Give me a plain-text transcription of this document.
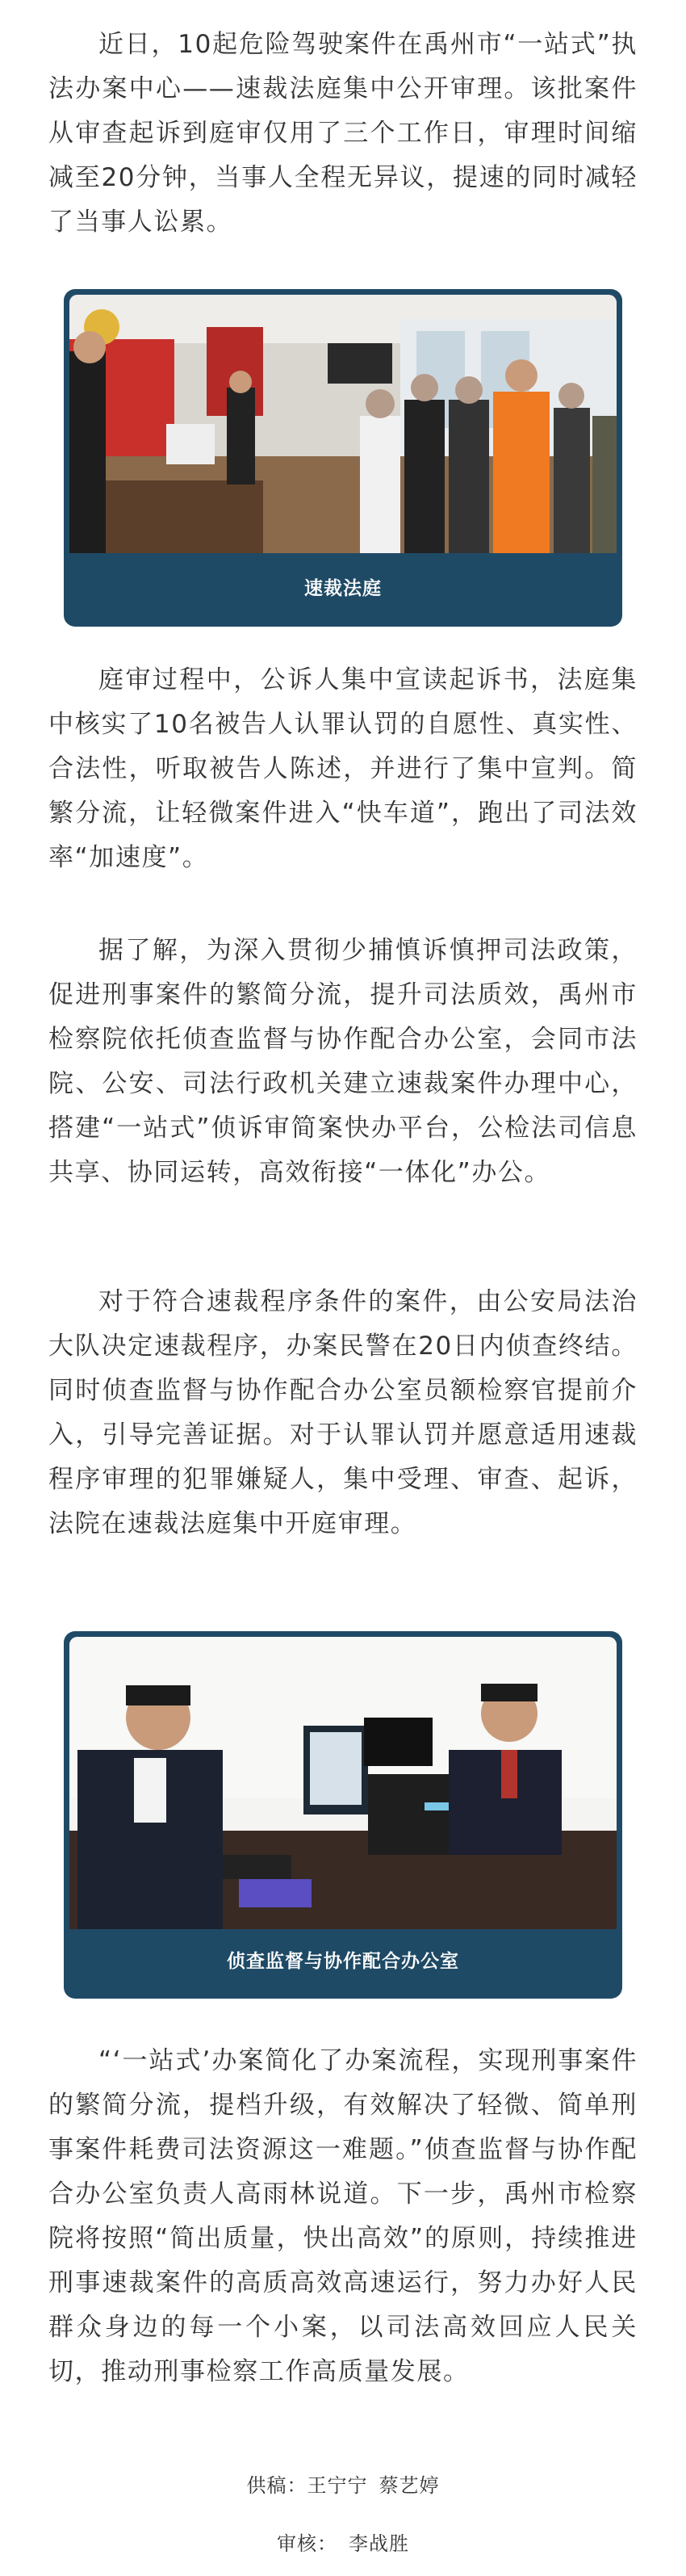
近日，10起危险驾驶案件在禹州市“一站式”执法办案中心——速裁法庭集中公开审理。该批案件从审查起诉到庭审仅用了三个工作日，审理时间缩减至20分钟，当事人全程无异议，提速的同时减轻了当事人讼累。

速裁法庭

庭审过程中，公诉人集中宣读起诉书，法庭集中核实了10名被告人认罪认罚的自愿性、真实性、合法性，听取被告人陈述，并进行了集中宣判。简繁分流，让轻微案件进入“快车道”，跑出了司法效率“加速度”。

据了解，为深入贯彻少捕慎诉慎押司法政策，促进刑事案件的繁简分流，提升司法质效，禹州市检察院依托侦查监督与协作配合办公室，会同市法院、公安、司法行政机关建立速裁案件办理中心，搭建“一站式”侦诉审简案快办平台，公检法司信息共享、协同运转，高效衔接“一体化”办公。

对于符合速裁程序条件的案件，由公安局法治大队决定速裁程序，办案民警在20日内侦查终结。同时侦查监督与协作配合办公室员额检察官提前介入，引导完善证据。对于认罪认罚并愿意适用速裁程序审理的犯罪嫌疑人，集中受理、审查、起诉，法院在速裁法庭集中开庭审理。

侦查监督与协作配合办公室

“‘一站式’办案简化了办案流程，实现刑事案件的繁简分流，提档升级，有效解决了轻微、简单刑事案件耗费司法资源这一难题。”侦查监督与协作配合办公室负责人高雨林说道。下一步，禹州市检察院将按照“简出质量，快出高效”的原则，持续推进刑事速裁案件的高质高效高速运行，努力办好人民群众身边的每一个小案，以司法高效回应人民关切，推动刑事检察工作高质量发展。

供稿：王宁宁 蔡艺婷
审核： 李战胜
